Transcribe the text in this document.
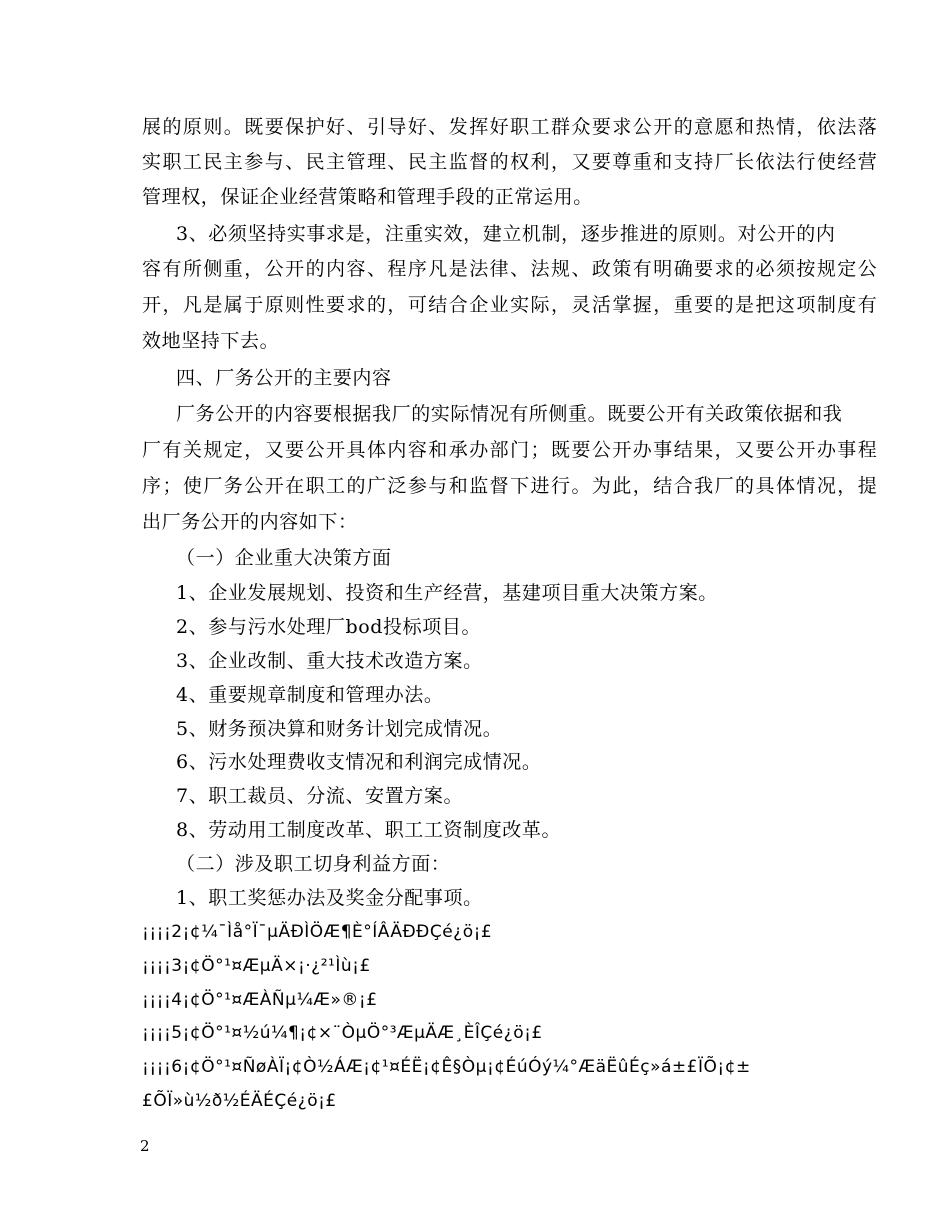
展的原则。既要保护好、引导好、发挥好职工群众要求公开的意愿和热情，依法落
实职工民主参与、民主管理、民主监督的权利，又要尊重和支持厂长依法行使经营
管理权，保证企业经营策略和管理手段的正常运用。
3、必须坚持实事求是，注重实效，建立机制，逐步推进的原则。对公开的内
容有所侧重，公开的内容、程序凡是法律、法规、政策有明确要求的必须按规定公
开，凡是属于原则性要求的，可结合企业实际，灵活掌握，重要的是把这项制度有
效地坚持下去。
四、厂务公开的主要内容
厂务公开的内容要根据我厂的实际情况有所侧重。既要公开有关政策依据和我
厂有关规定，又要公开具体内容和承办部门；既要公开办事结果，又要公开办事程
序；使厂务公开在职工的广泛参与和监督下进行。为此，结合我厂的具体情况，提
出厂务公开的内容如下：
（一）企业重大决策方面
1、企业发展规划、投资和生产经营，基建项目重大决策方案。
2、参与污水处理厂bod投标项目。
3、企业改制、重大技术改造方案。
4、重要规章制度和管理办法。
5、财务预决算和财务计划完成情况。
6、污水处理费收支情况和利润完成情况。
7、职工裁员、分流、安置方案。
8、劳动用工制度改革、职工工资制度改革。
（二）涉及职工切身利益方面：
1、职工奖惩办法及奖金分配事项。
¡¡¡¡2¡¢¼¯Ìå°Ï¯µÄÐÌÖÆ¶È°ÍÂÄÐÐÇé¿ö¡£
¡¡¡¡3¡¢Ö°¹¤ÆµÄ×¡·¿²¹Ìù¡£
¡¡¡¡4¡¢Ö°¹¤ÆÀÑµ¼Æ»®¡£
¡¡¡¡5¡¢Ö°¹¤½ú¼¶¡¢×¨ÒµÖ°³ÆµÄÆ¸ÈÎÇé¿ö¡£
¡¡¡¡6¡¢Ö°¹¤ÑøÀÏ¡¢Ò½ÁÆ¡¢¹¤ÉË¡¢Ê§Òµ¡¢ÉúÓý¼°ÆäËûÉç»á±£ÏÕ¡¢±
£ÕÏ»ù½ð½ÉÄÉÇé¿ö¡£
2
